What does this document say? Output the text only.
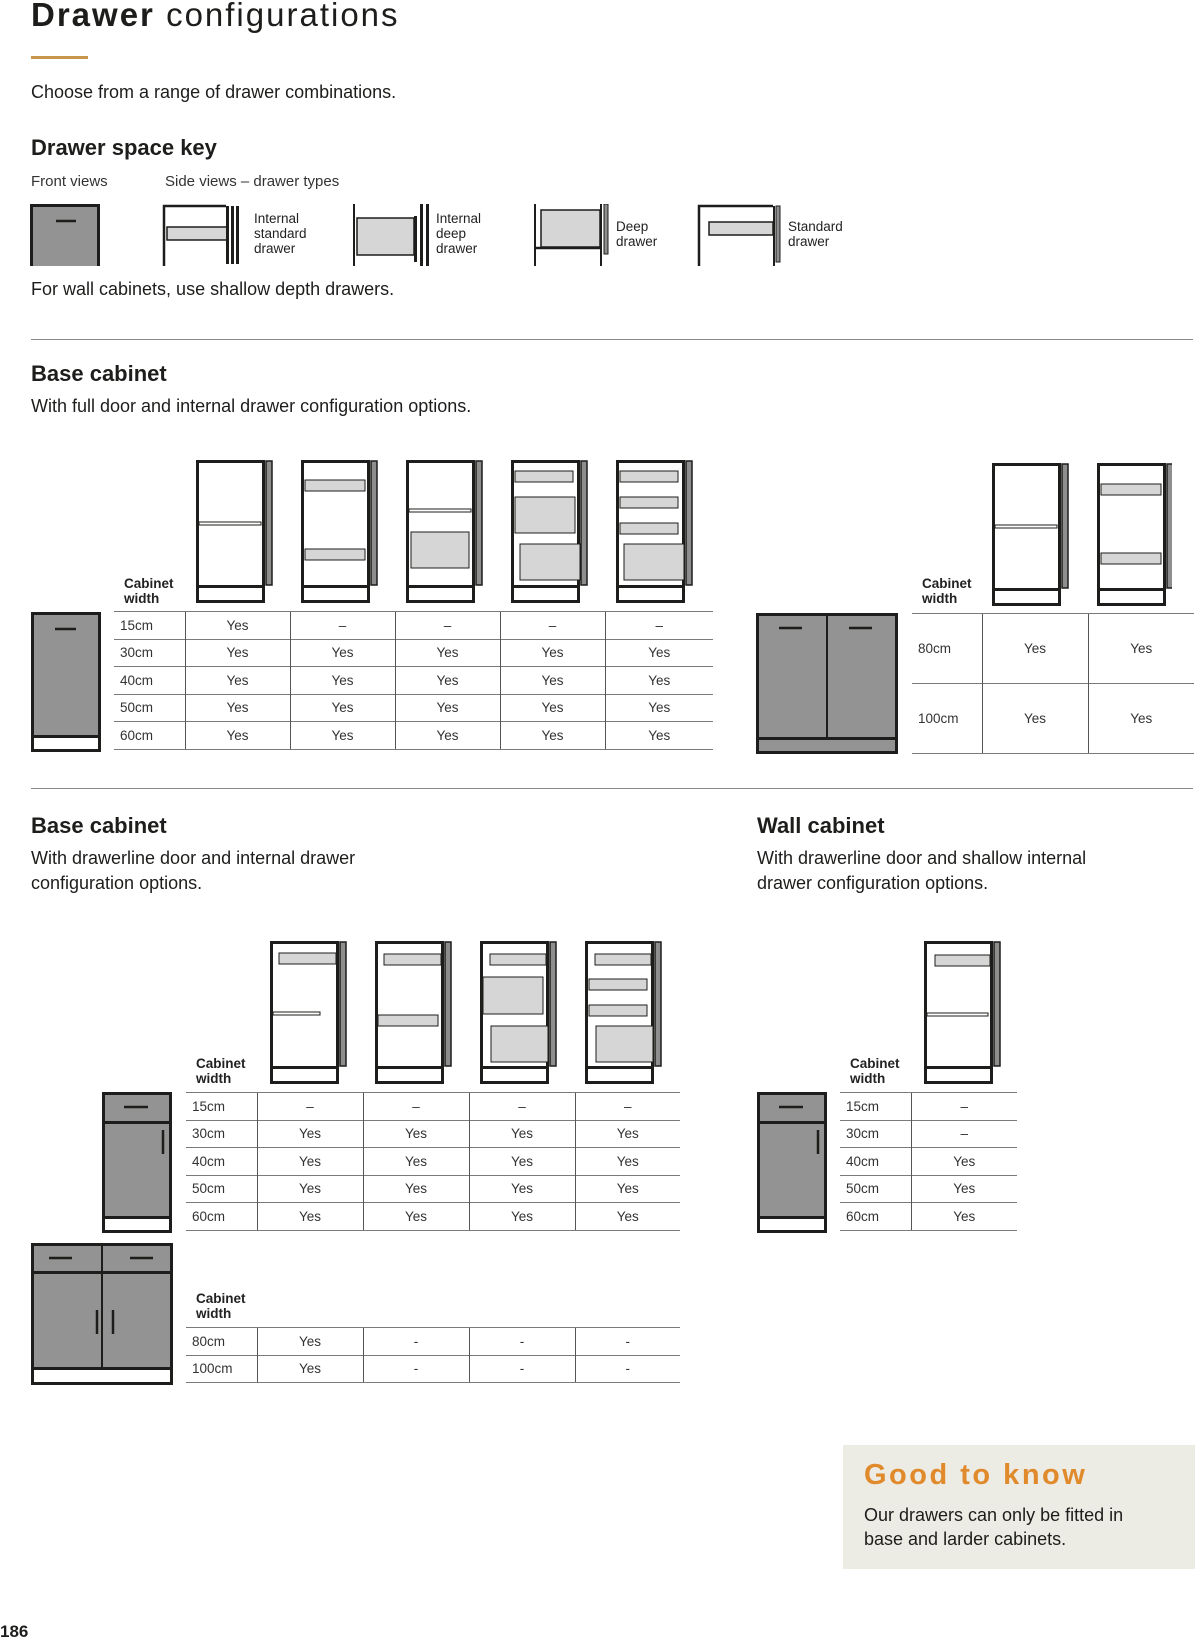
Drawer configurations
Choose from a range of drawer combinations.
Drawer space key
Front views	Side views – drawer types
Internal
standard
drawer
Internal
deep
drawer
Deep
drawer
Standard
drawer
For wall cabinets, use shallow depth drawers.
Base cabinet
With full door and internal drawer configuration options.
Cabinet
width
15cm	Yes	–	–	–	–
30cm	Yes	Yes	Yes	Yes	Yes
40cm	Yes	Yes	Yes	Yes	Yes
50cm	Yes	Yes	Yes	Yes	Yes
60cm	Yes	Yes	Yes	Yes	Yes
Cabinet
width
80cm	Yes	Yes
100cm	Yes	Yes
Base cabinet
With drawerline door and internal drawer
configuration options.
Cabinet
width
15cm	–	–	–	–
30cm	Yes	Yes	Yes	Yes
40cm	Yes	Yes	Yes	Yes
50cm	Yes	Yes	Yes	Yes
60cm	Yes	Yes	Yes	Yes
Cabinet
width
80cm	Yes	-	-	-
100cm	Yes	-	-	-
Wall cabinet
With drawerline door and shallow internal
drawer configuration options.
Cabinet
width
15cm	–
30cm	–
40cm	Yes
50cm	Yes
60cm	Yes
Good to know
Our drawers can only be fitted in
base and larder cabinets.
186
